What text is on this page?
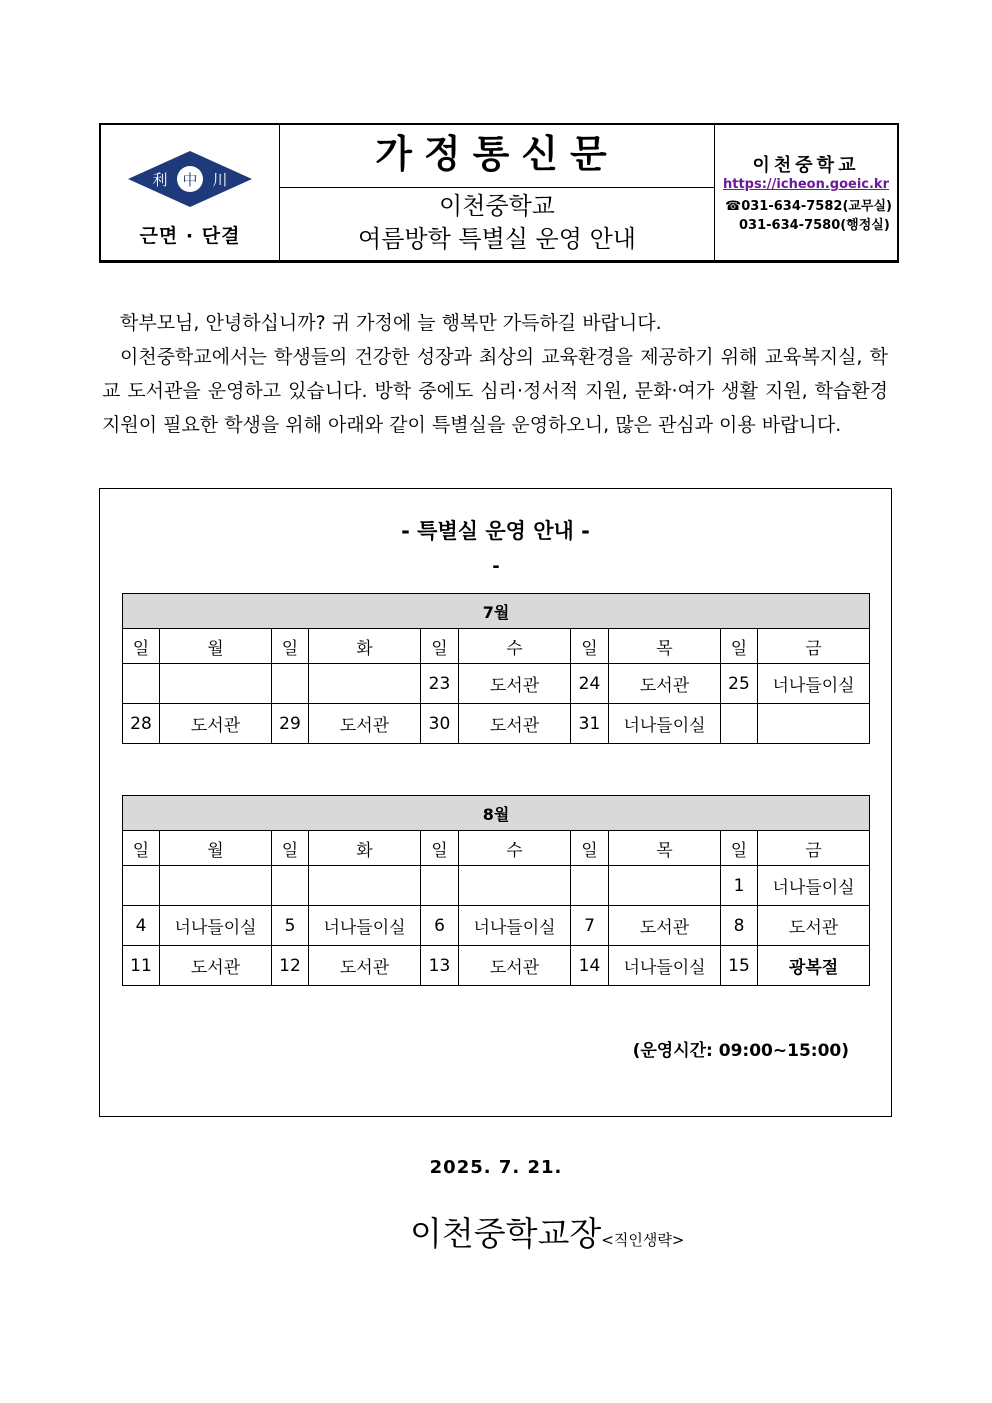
利 中 川
근면 · 단결
가정통신문
이천중학교
여름방학 특별실 운영 안내
이천중학교
https://icheon.goeic.kr
☎031-634-7582(교무실)
031-634-7580(행정실)

학부모님, 안녕하십니까? 귀 가정에 늘 행복만 가득하길 바랍니다.

이천중학교에서는 학생들의 건강한 성장과 최상의 교육환경을 제공하기 위해 교육복지실, 학교 도서관을 운영하고 있습니다. 방학 중에도 심리·정서적 지원, 문화·여가 생활 지원, 학습환경 지원이 필요한 학생을 위해 아래와 같이 특별실을 운영하오니, 많은 관심과 이용 바랍니다.

- 특별실 운영 안내 -
-
7월									
일	월	일	화	일	수	일	목	일	금
				23	도서관	24	도서관	25	너나들이실
28	도서관	29	도서관	30	도서관	31	너나들이실		
8월									
일	월	일	화	일	수	일	목	일	금
								1	너나들이실
4	너나들이실	5	너나들이실	6	너나들이실	7	도서관	8	도서관
11	도서관	12	도서관	13	도서관	14	너나들이실	15	광복절
(운영시간: 09:00~15:00)
2025. 7. 21.
이천중학교장<직인생략>
